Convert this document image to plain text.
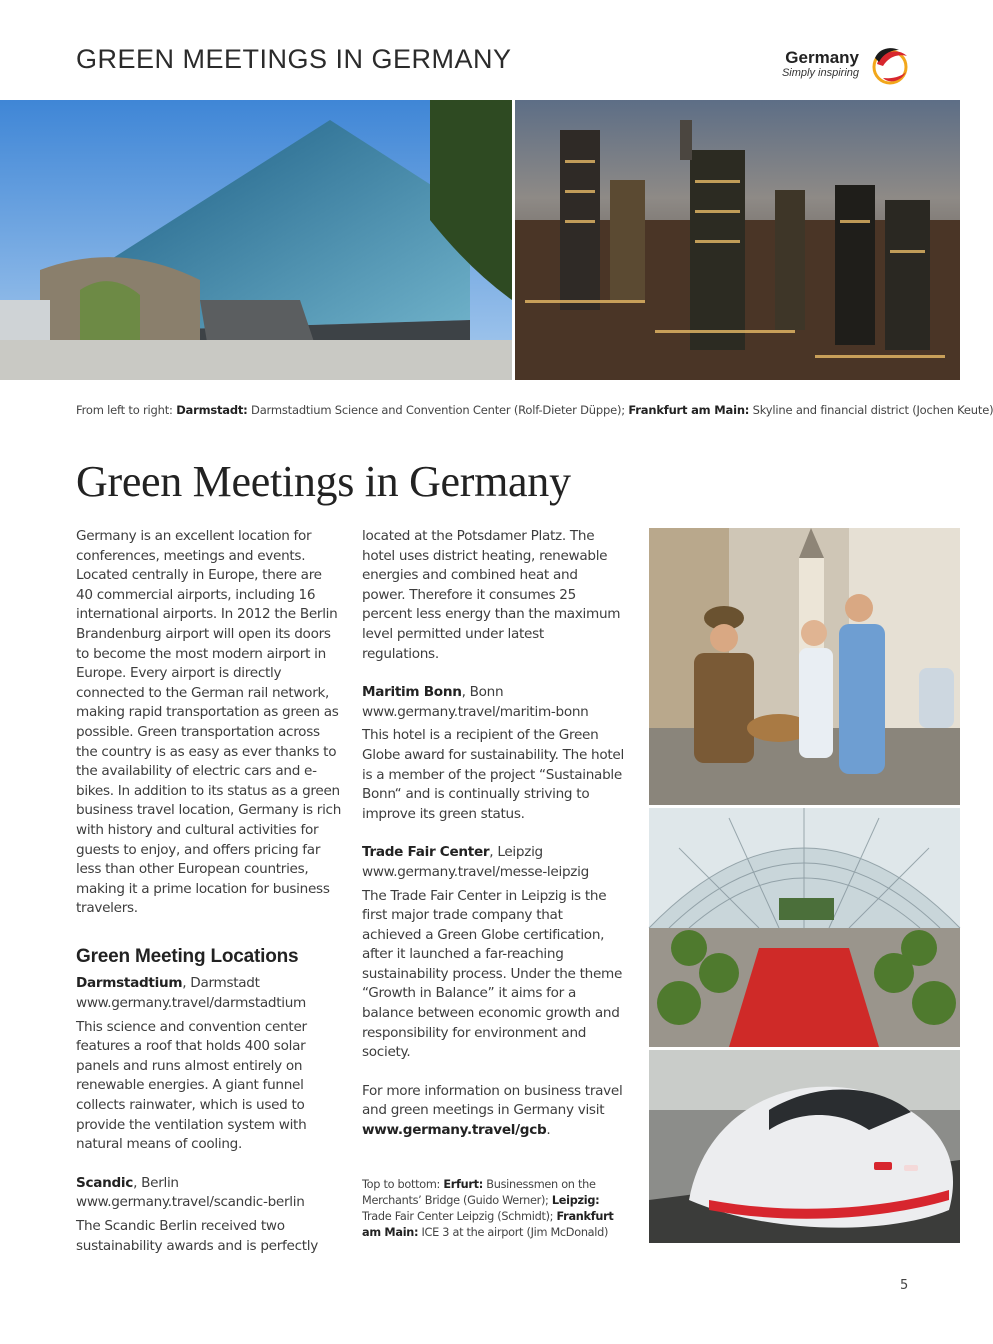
GREEN MEETINGS IN GERMANY	Germany
Simply inspiring
From left to right: Darmstadt: Darmstadtium Science and Convention Center (Rolf-Dieter Düppe); Frankfurt am Main: Skyline and financial district (Jochen Keute)
Green Meetings in Germany

Germany is an excellent location for conferences, meetings and events. Located centrally in Europe, there are 40 commercial airports, including 16 international airports. In 2012 the Berlin Brandenburg airport will open its doors to become the most modern airport in Europe. Every airport is directly connected to the German rail network, making rapid transportation as green as possible. Green transportation across the country is as easy as ever thanks to the availability of electric cars and e-bikes. In addition to its status as a green business travel location, Germany is rich with history and cultural activities for guests to enjoy, and offers pricing far less than other European countries, making it a prime location for business travelers.

Green Meeting Locations

Darmstadtium, Darmstadt

www.germany.travel/darmstadtium

This science and convention center features a roof that holds 400 solar panels and runs almost entirely on renewable energies. A giant funnel collects rainwater, which is used to provide the ventilation system with natural means of cooling.

Scandic, Berlin

www.germany.travel/scandic-berlin

The Scandic Berlin received two sustainability awards and is perfectly

located at the Potsdamer Platz. The hotel uses district heating, renewable energies and combined heat and power. Therefore it consumes 25 percent less energy than the maximum level permitted under latest regulations.

Maritim Bonn, Bonn

www.germany.travel/maritim-bonn

This hotel is a recipient of the Green Globe award for sustainability. The hotel is a member of the project “Sustainable Bonn“ and is continually striving to improve its green status.

Trade Fair Center, Leipzig

www.germany.travel/messe-leipzig

The Trade Fair Center in Leipzig is the first major trade company that achieved a Green Globe certification, after it launched a far-reaching sustainability process. Under the theme “Growth in Balance” it aims for a balance between economic growth and responsibility for environment and society.

For more information on business travel and green meetings in Germany visit www.germany.travel/gcb.

Top to bottom: Erfurt: Businessmen on the Merchants’ Bridge (Guido Werner); Leipzig: Trade Fair Center Leipzig (Schmidt); Frankfurt am Main: ICE 3 at the airport (Jim McDonald)
5
